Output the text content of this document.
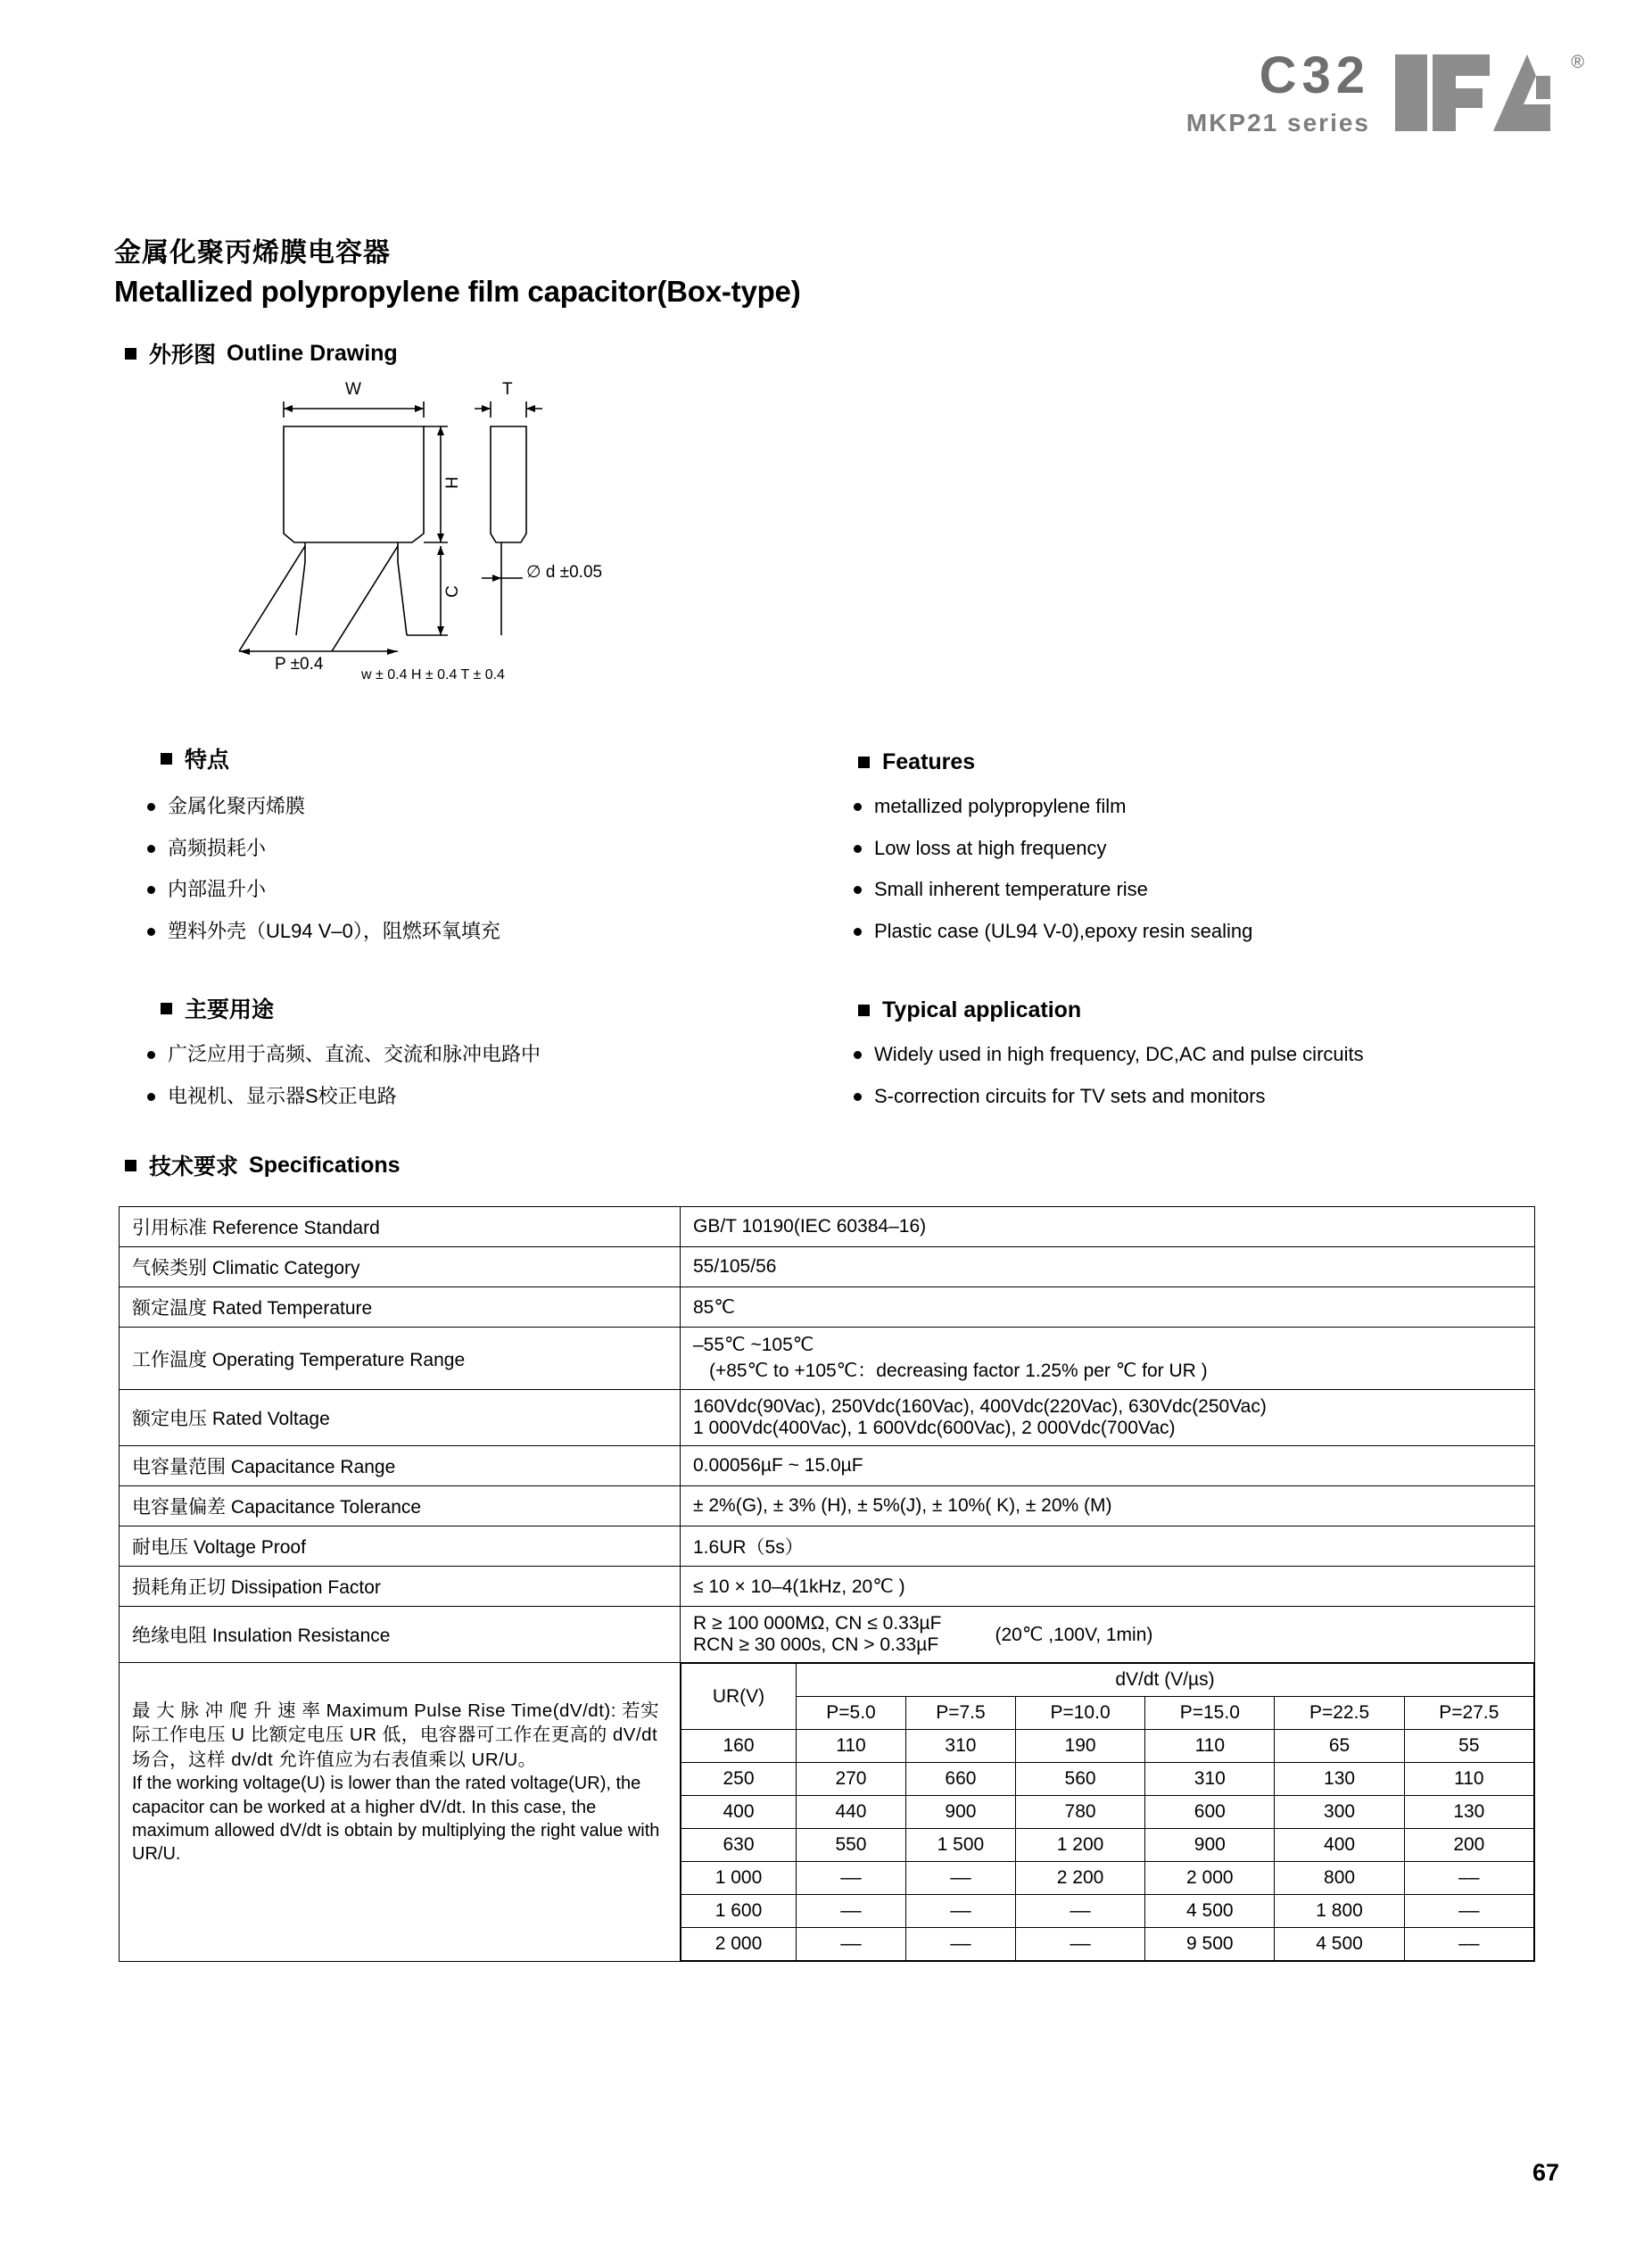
C32
MKP21 series
®
金属化聚丙烯膜电容器
Metallized polypropylene film capacitor(Box-type)
外形图 Outline Drawing
W
H
C
T
P ±0.4
∅ d ±0.05
w ± 0.4 H ± 0.4 T ± 0.4
特点	Features
金属化聚丙烯膜
高频损耗小
内部温升小
塑料外壳（UL94 V–0），阻燃环氧填充
metallized polypropylene film
Low loss at high frequency
Small inherent temperature rise
Plastic case (UL94 V-0),epoxy resin sealing
主要用途	Typical application
广泛应用于高频、直流、交流和脉冲电路中
电视机、显示器S校正电路
Widely used in high frequency, DC,AC and pulse circuits
S-correction circuits for TV sets and monitors
技术要求 Specifications
引用标准 Reference Standard	GB/T 10190(IEC 60384–16)
气候类别 Climatic Category	55/105/56
额定温度 Rated Temperature	85℃
工作温度 Operating Temperature Range	
–55℃ ~105℃
(+85℃ to +105℃：decreasing factor 1.25% per ℃ for UR )

额定电压 Rated Voltage	
160Vdc(90Vac), 250Vdc(160Vac), 400Vdc(220Vac), 630Vdc(250Vac)
1 000Vdc(400Vac), 1 600Vdc(600Vac), 2 000Vdc(700Vac)

电容量范围 Capacitance Range	0.00056µF ~ 15.0µF
电容量偏差 Capacitance Tolerance	± 2%(G), ± 3% (H), ± 5%(J), ± 10%( K), ± 20% (M)
耐电压 Voltage Proof	1.6UR（5s）
损耗角正切 Dissipation Factor	≤ 10 × 10–4(1kHz, 20℃ )
绝缘电阻 Insulation Resistance	
R ≥ 100 000MΩ, CN ≤ 0.33µF
RCN ≥ 30 000s, CN > 0.33µF	(20℃ ,100V, 1min)

最 大 脉 冲 爬 升 速 率 Maximum Pulse Rise Time(dV/dt): 若实际工作电压 U 比额定电压 UR 低，电容器可工作在更高的 dV/dt 场合，这样 dv/dt 允许值应为右表值乘以 UR/U。
If the working voltage(U) is lower than the rated voltage(UR), the capacitor can be worked at a higher dV/dt. In this case, the maximum allowed dV/dt is obtain by multiplying the right value with UR/U.	
UR(V)	dV/dt (V/µs)
P=5.0	P=7.5	P=10.0	P=15.0	P=22.5	P=27.5
160	110	310	190	110	65	55
250	270	660	560	310	130	110
400	440	900	780	600	300	130
630	550	1 500	1 200	900	400	200
1 000	––	––	2 200	2 000	800	––
1 600	––	––	––	4 500	1 800	––
2 000	––	––	––	9 500	4 500	––
67
